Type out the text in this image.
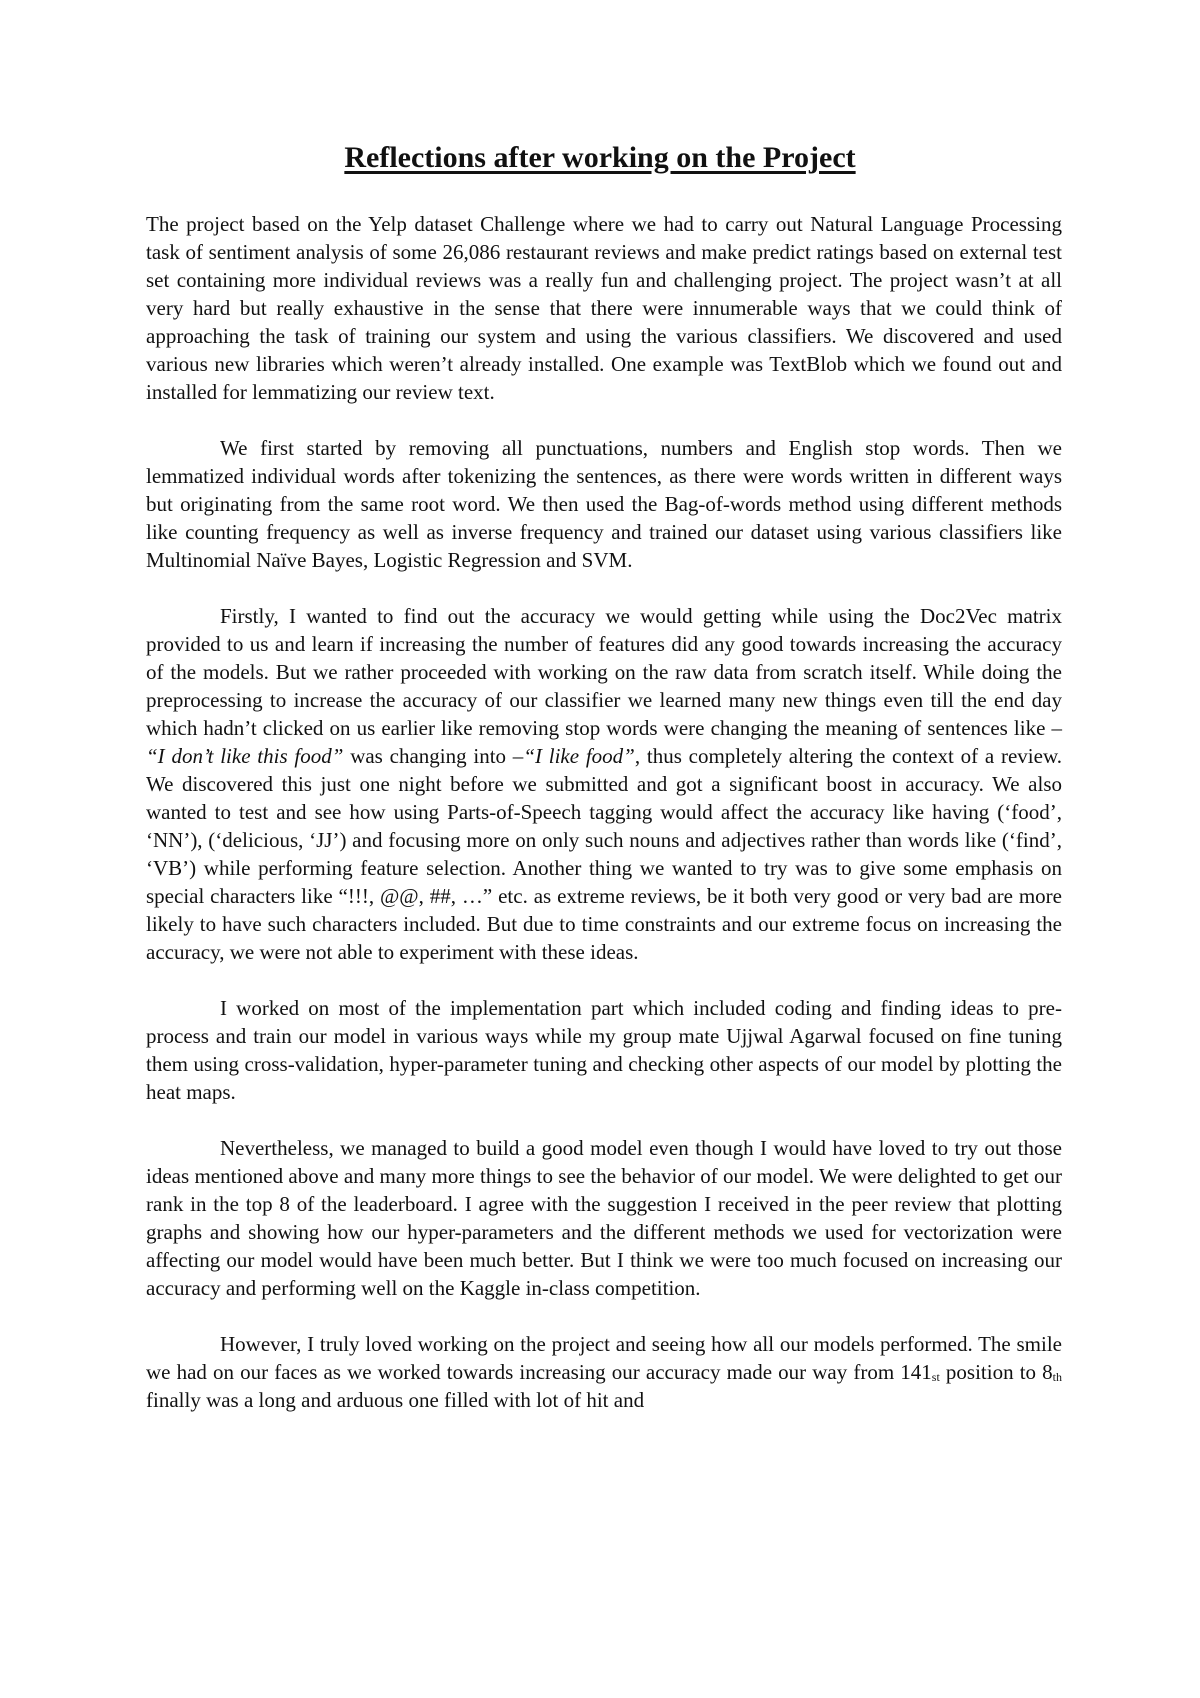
Reflections after working on the Project

The project based on the Yelp dataset Challenge where we had to carry out Natural Language Processing task of sentiment analysis of some 26,086 restaurant reviews and make predict ratings based on external test set containing more individual reviews was a really fun and challenging project. The project wasn’t at all very hard but really exhaustive in the sense that there were innumerable ways that we could think of approaching the task of training our system and using the various classifiers. We discovered and used various new libraries which weren’t already installed. One example was TextBlob which we found out and installed for lemmatizing our review text.

We first started by removing all punctuations, numbers and English stop words. Then we lemmatized individual words after tokenizing the sentences, as there were words written in different ways but originating from the same root word. We then used the Bag-of-words method using different methods like counting frequency as well as inverse frequency and trained our dataset using various classifiers like Multinomial Naïve Bayes, Logistic Regression and SVM.

Firstly, I wanted to find out the accuracy we would getting while using the Doc2Vec matrix provided to us and learn if increasing the number of features did any good towards increasing the accuracy of the models. But we rather proceeded with working on the raw data from scratch itself. While doing the preprocessing to increase the accuracy of our classifier we learned many new things even till the end day which hadn’t clicked on us earlier like removing stop words were changing the meaning of sentences like – “I don’t like this food” was changing into –“I like food”, thus completely altering the context of a review. We discovered this just one night before we submitted and got a significant boost in accuracy. We also wanted to test and see how using Parts-of-Speech tagging would affect the accuracy like having (‘food’, ‘NN’), (‘delicious, ‘JJ’) and focusing more on only such nouns and adjectives rather than words like (‘find’, ‘VB’) while performing feature selection. Another thing we wanted to try was to give some emphasis on special characters like “!!!, @@, ##, …” etc. as extreme reviews, be it both very good or very bad are more likely to have such characters included. But due to time constraints and our extreme focus on increasing the accuracy, we were not able to experiment with these ideas.

I worked on most of the implementation part which included coding and finding ideas to pre-process and train our model in various ways while my group mate Ujjwal Agarwal focused on fine tuning them using cross-validation, hyper-parameter tuning and checking other aspects of our model by plotting the heat maps.

Nevertheless, we managed to build a good model even though I would have loved to try out those ideas mentioned above and many more things to see the behavior of our model. We were delighted to get our rank in the top 8 of the leaderboard. I agree with the suggestion I received in the peer review that plotting graphs and showing how our hyper-parameters and the different methods we used for vectorization were affecting our model would have been much better. But I think we were too much focused on increasing our accuracy and performing well on the Kaggle in-class competition.

However, I truly loved working on the project and seeing how all our models performed. The smile we had on our faces as we worked towards increasing our accuracy made our way from $141_{st}$ position to $8_{th}$ finally was a long and arduous one filled with lot of hit and
